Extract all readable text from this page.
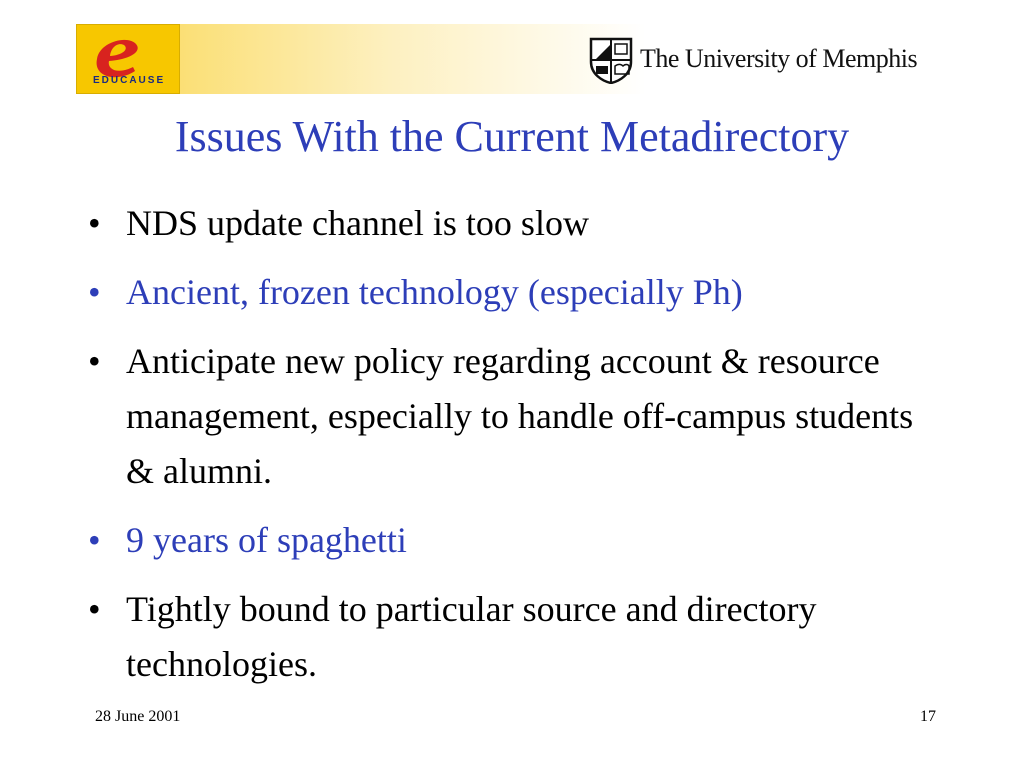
EDUCAUSE
The University of Memphis
Issues With the Current Metadirectory
• NDS update channel is too slow
• Ancient, frozen technology (especially Ph)
• Anticipate new policy regarding account & resource management, especially to handle off-campus students & alumni.
• 9 years of spaghetti
• Tightly bound to particular source and directory technologies.
28 June 2001	17
